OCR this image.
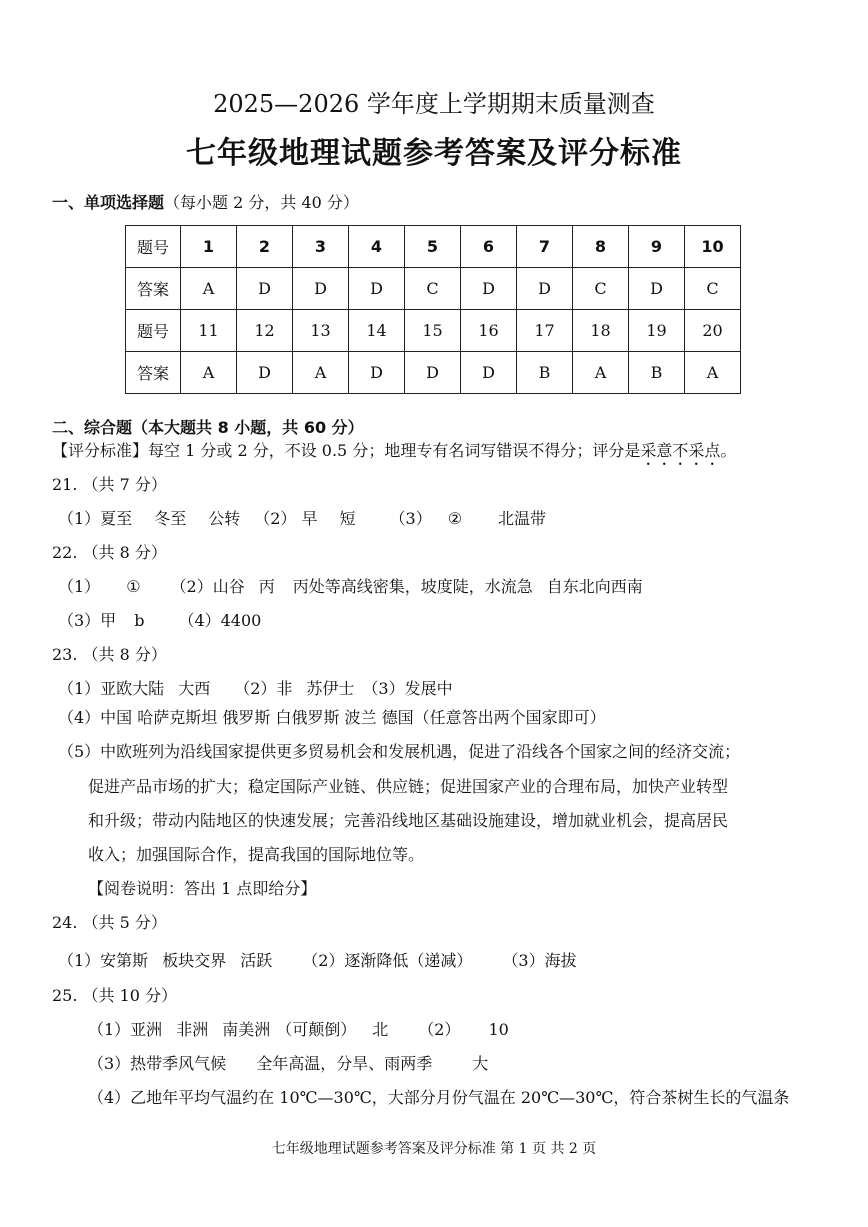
2025—2026 学年度上学期期末质量测查
七年级地理试题参考答案及评分标准
一、单项选择题（每小题 2 分，共 40 分）
题号	1	2	3	4	5	6	7	8	9	10
答案	A	D	D	D	C	D	D	C	D	C
题号	11	12	13	14	15	16	17	18	19	20
答案	A	D	A	D	D	D	B	A	B	A
二、综合题（本大题共 8 小题，共 60 分）
【评分标准】每空 1 分或 2 分，不设 0.5 分；地理专有名词写错误不得分；评分是采意不采点。
21. （共 7 分）
（1）夏至 冬至 公转 （2） 早 短 （3） ② 北温带
22. （共 8 分）
（1） ① （2）山谷 丙 丙处等高线密集，坡度陡，水流急 自东北向西南
（3）甲 b （4）4400
23. （共 8 分）
（1）亚欧大陆 大西 （2）非 苏伊士 （3）发展中
（4）中国 哈萨克斯坦 俄罗斯 白俄罗斯 波兰 德国（任意答出两个国家即可）
（5）中欧班列为沿线国家提供更多贸易机会和发展机遇，促进了沿线各个国家之间的经济交流；
促进产品市场的扩大；稳定国际产业链、供应链；促进国家产业的合理布局，加快产业转型
和升级；带动内陆地区的快速发展；完善沿线地区基础设施建设，增加就业机会，提高居民
收入；加强国际合作，提高我国的国际地位等。
【阅卷说明：答出 1 点即给分】
24. （共 5 分）
（1）安第斯 板块交界 活跃 （2）逐渐降低（递减） （3）海拔
25. （共 10 分）
（1）亚洲 非洲 南美洲 （可颠倒） 北 （2） 10
（3）热带季风气候 全年高温，分旱、雨两季	大
（4）乙地年平均气温约在 10℃—30℃，大部分月份气温在 20℃—30℃，符合茶树生长的气温条
七年级地理试题参考答案及评分标准 第 1 页 共 2 页
